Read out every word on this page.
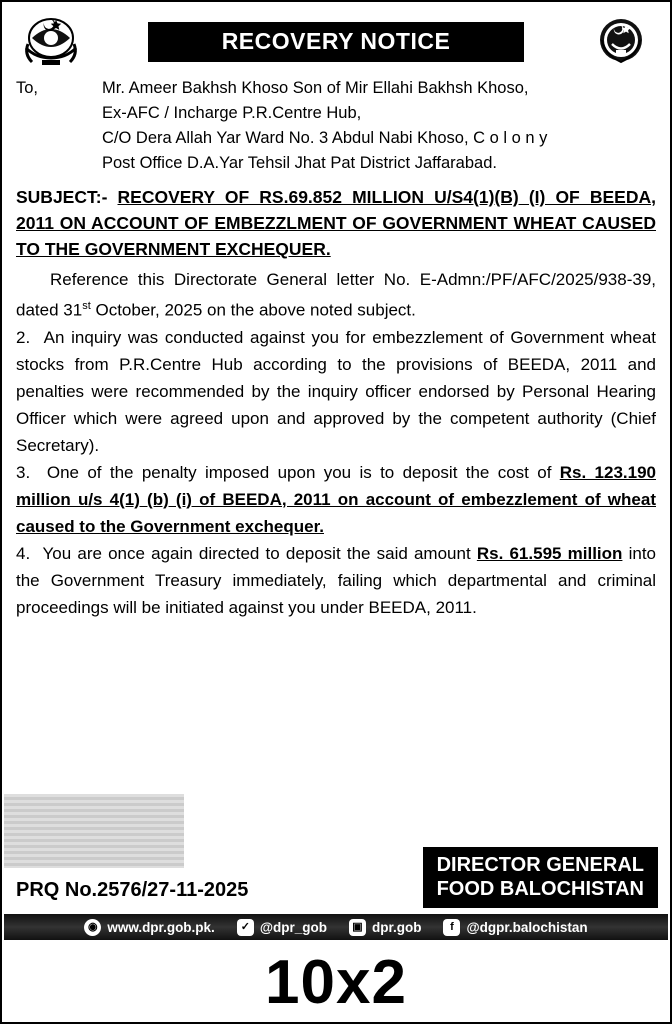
RECOVERY NOTICE
To,	Mr. Ameer Bakhsh Khoso Son of Mir Ellahi Bakhsh Khoso,
Ex-AFC / Incharge P.R.Centre Hub,
C/O Dera Allah Yar Ward No. 3 Abdul Nabi Khoso, C o l o n y
Post Office D.A.Yar Tehsil Jhat Pat District Jaffarabad.
SUBJECT:- RECOVERY OF RS.69.852 MILLION U/S4(1)(B) (I) OF BEEDA, 2011 ON ACCOUNT OF EMBEZZLMENT OF GOVERNMENT WHEAT CAUSED TO THE GOVERNMENT EXCHEQUER.

Reference this Directorate General letter No. E-Admn:/PF/AFC/2025/938-39, dated 31st October, 2025 on the above noted subject.

2. An inquiry was conducted against you for embezzlement of Government wheat stocks from P.R.Centre Hub according to the provisions of BEEDA, 2011 and penalties were recommended by the inquiry officer endorsed by Personal Hearing Officer which were agreed upon and approved by the competent authority (Chief Secretary).

3. One of the penalty imposed upon you is to deposit the cost of Rs. 123.190 million u/s 4(1) (b) (i) of BEEDA, 2011 on account of embezzlement of wheat caused to the Government exchequer.

4. You are once again directed to deposit the said amount Rs. 61.595 million into the Government Treasury immediately, failing which departmental and criminal proceedings will be initiated against you under BEEDA, 2011.

PRQ No.2576/27-11-2025
DIRECTOR GENERAL
FOOD BALOCHISTAN
◉ www.dpr.gob.pk.	✓ @dpr_gob ▣ dpr.gob	f @dgpr.balochistan
10x2
